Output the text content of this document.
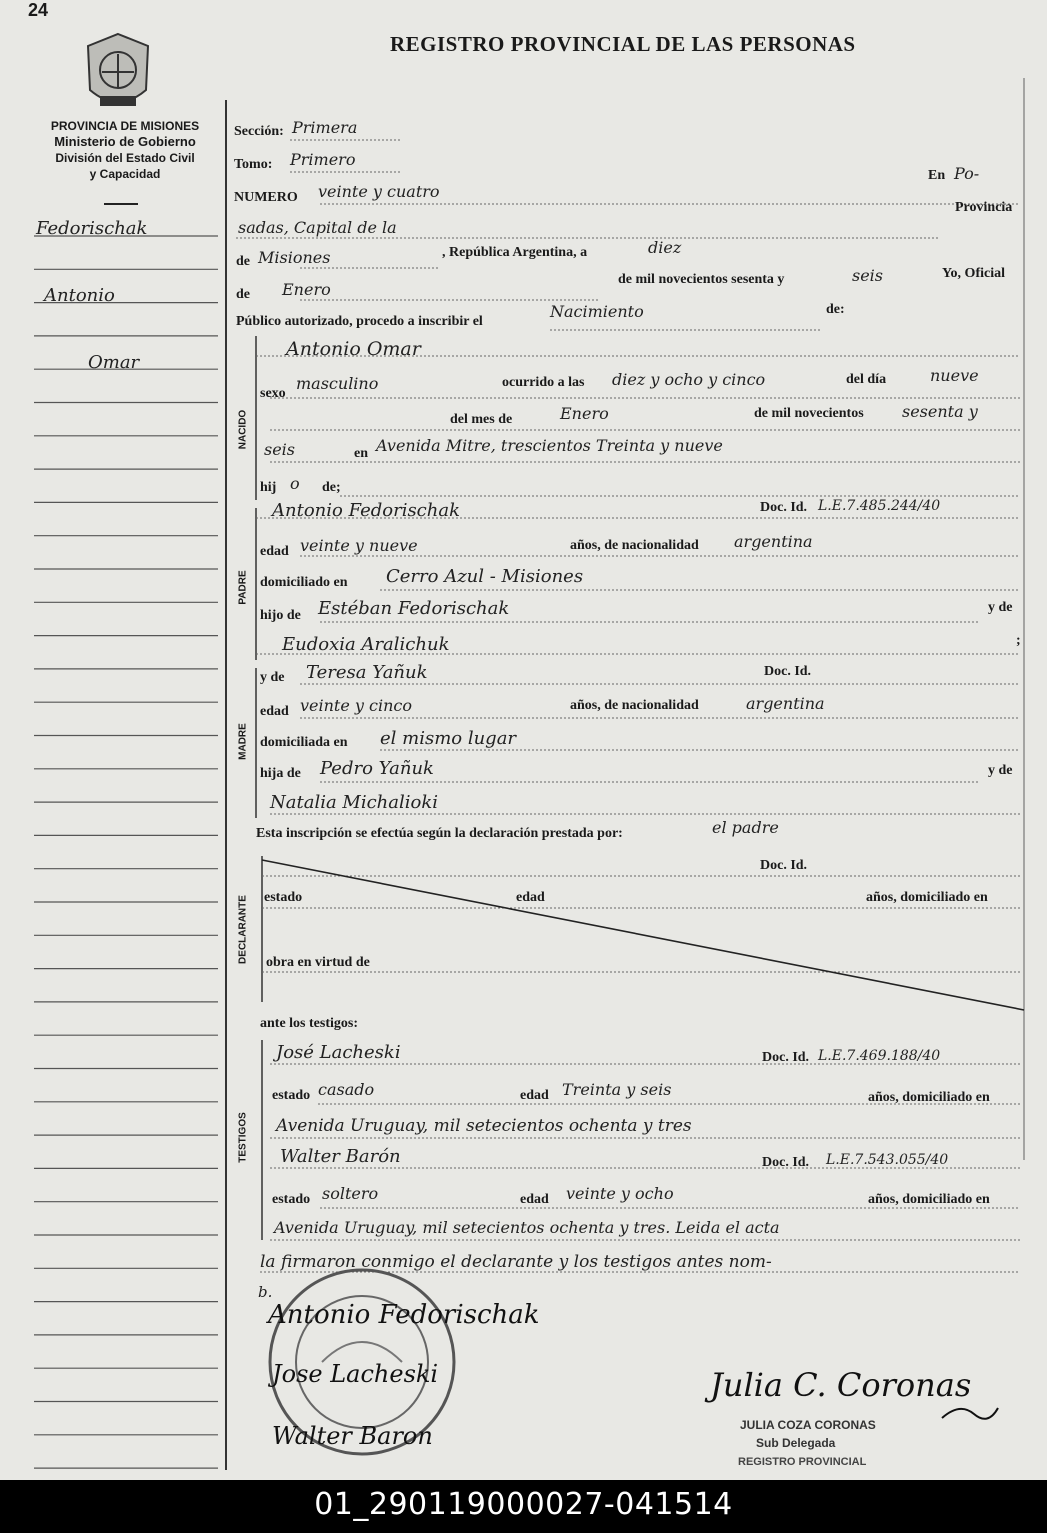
24
REGISTRO PROVINCIAL DE LAS PERSONAS
PROVINCIA DE MISIONES
Ministerio de Gobierno
División del Estado Civil
y Capacidad
Fedorischak
Antonio
Omar
Sección: Primera
Tomo: Primero
NUMERO veinte y cuatro
En Po-
sadas, Capital de la
Provincia
de Misiones	, República Argentina, a	diez
de Enero
de mil novecientos sesenta y	seis	Yo, Oficial
Público autorizado, procedo a inscribir el
Nacimiento	de:
Antonio Omar
sexo
masculino	ocurrido a las diez y ocho y cinco	del día	nueve
del mes de	Enero	de mil novecientos sesenta y
seis	en Avenida Mitre, trescientos Treinta y nueve
hij o de;
Antonio Fedorischak	Doc. Id. L.E.7.485.244/40
edad veinte y nueve	años, de nacionalidad argentina
domiciliado en Cerro Azul - Misiones
hijo de Estéban Fedorischak	y de
Eudoxia Aralichuk	;
y de Teresa Yañuk	Doc. Id.
edad veinte y cinco	años, de nacionalidad	argentina
domiciliada en el mismo lugar
hija de Pedro Yañuk	y de
Natalia Michalioki
Esta inscripción se efectúa según la declaración prestada por:	el padre
Doc. Id.
estado	edad	años, domiciliado en
obra en virtud de
ante los testigos:
José Lacheski	Doc. Id. L.E.7.469.188/40
estado casado	edad Treinta y seis	años, domiciliado en
Avenida Uruguay, mil setecientos ochenta y tres
Walter Barón	Doc. Id. L.E.7.543.055/40
estado soltero	edad veinte y ocho	años, domiciliado en
Avenida Uruguay, mil setecientos ochenta y tres. Leida el acta
la firmaron conmigo el declarante y los testigos antes nom-
b.
Antonio Fedorischak
Jose Lacheski
Walter Baron
Julia C. Coronas
JULIA COZA CORONAS
Sub Delegada
REGISTRO PROVINCIAL
01_290119000027-041514
NACIDO
PADRE
MADRE
DECLARANTE
TESTIGOS
